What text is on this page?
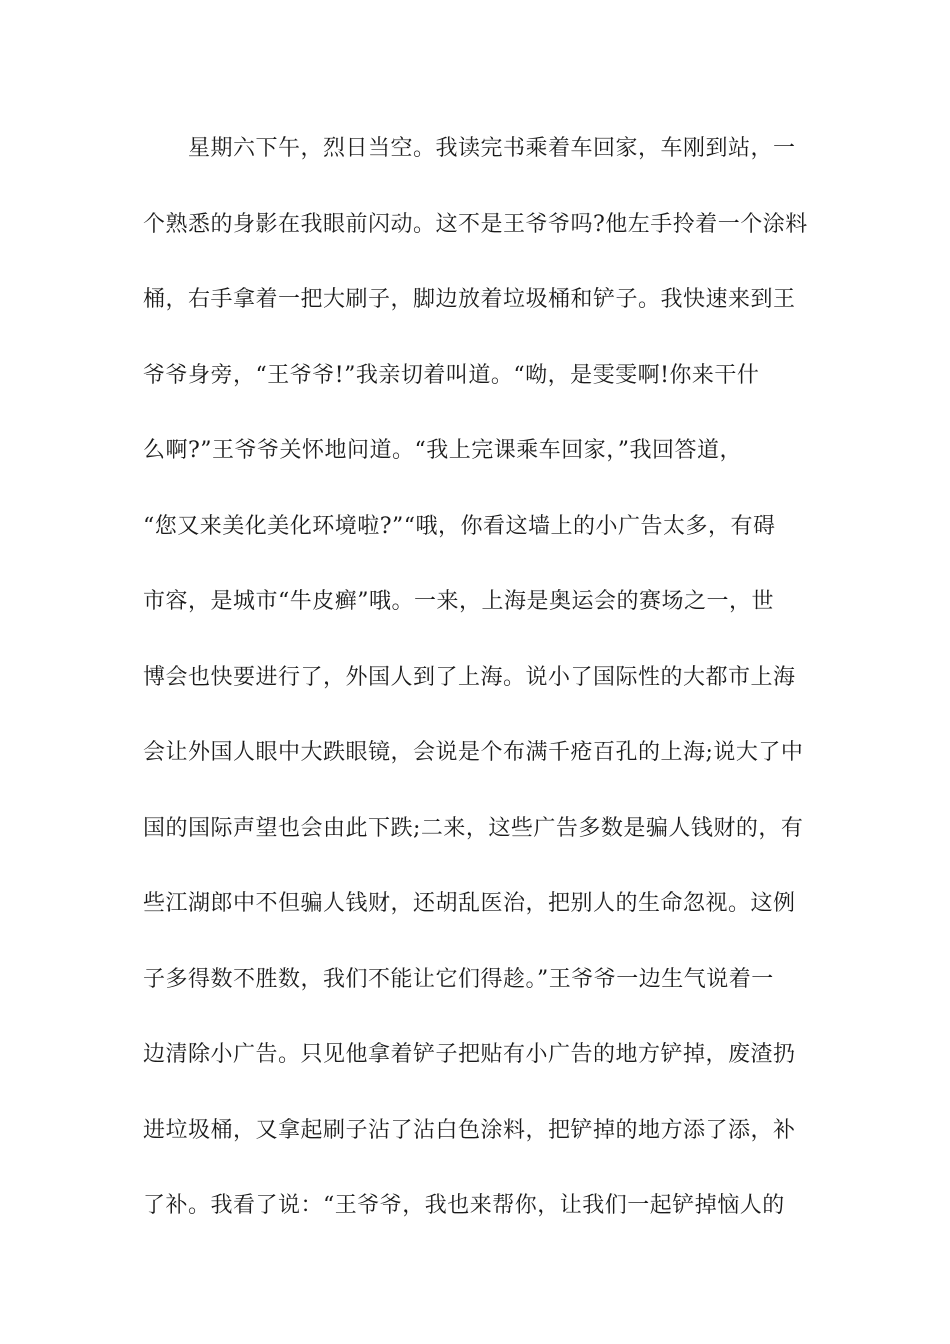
星期六下午，烈日当空。我读完书乘着车回家，车刚到站，一
个熟悉的身影在我眼前闪动。这不是王爷爷吗?他左手拎着一个涂料
桶，右手拿着一把大刷子，脚边放着垃圾桶和铲子。我快速来到王
爷爷身旁，“王爷爷!”我亲切着叫道。“呦，是雯雯啊!你来干什
么啊?”王爷爷关怀地问道。“我上完课乘车回家，”我回答道，
“您又来美化美化环境啦?”“哦，你看这墙上的小广告太多，有碍
市容，是城市“牛皮癣”哦。一来，上海是奥运会的赛场之一，世
博会也快要进行了，外国人到了上海。说小了国际性的大都市上海
会让外国人眼中大跌眼镜，会说是个布满千疮百孔的上海;说大了中
国的国际声望也会由此下跌;二来，这些广告多数是骗人钱财的，有
些江湖郎中不但骗人钱财，还胡乱医治，把别人的生命忽视。这例
子多得数不胜数，我们不能让它们得趁。”王爷爷一边生气说着一
边清除小广告。只见他拿着铲子把贴有小广告的地方铲掉，废渣扔
进垃圾桶，又拿起刷子沾了沾白色涂料，把铲掉的地方添了添，补
了补。我看了说：“王爷爷，我也来帮你，让我们一起铲掉恼人的
